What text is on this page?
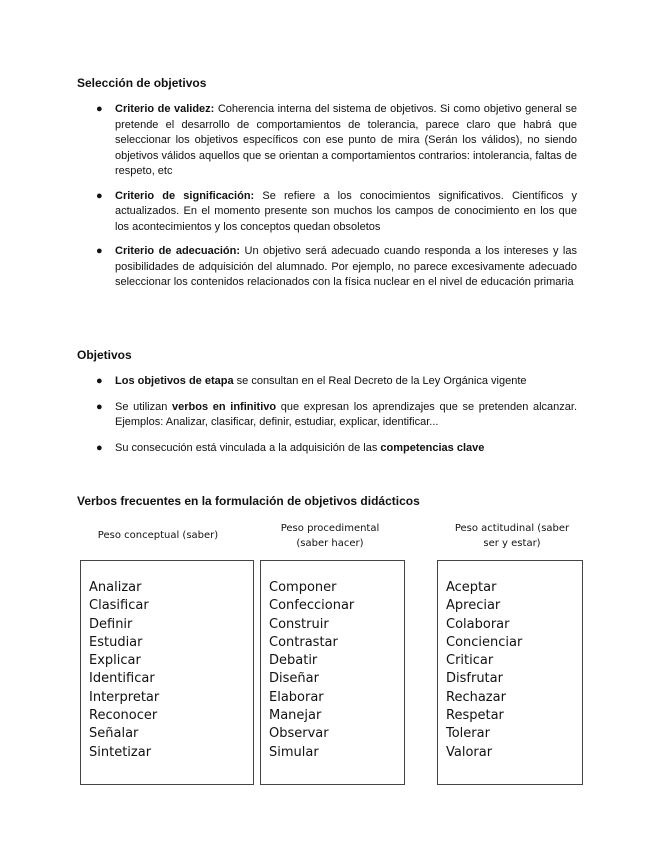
Selección de objetivos
● Criterio de validez: Coherencia interna del sistema de objetivos. Si como objetivo general se pretende el desarrollo de comportamientos de tolerancia, parece claro que habrá que seleccionar los objetivos específicos con ese punto de mira (Serán los válidos), no siendo objetivos válidos aquellos que se orientan a comportamientos contrarios: intolerancia, faltas de respeto, etc
● Criterio de significación: Se refiere a los conocimientos significativos. Científicos y actualizados. En el momento presente son muchos los campos de conocimiento en los que los acontecimientos y los conceptos quedan obsoletos
● Criterio de adecuación: Un objetivo será adecuado cuando responda a los intereses y las posibilidades de adquisición del alumnado. Por ejemplo, no parece excesivamente adecuado seleccionar los contenidos relacionados con la física nuclear en el nivel de educación primaria
Objetivos
● Los objetivos de etapa se consultan en el Real Decreto de la Ley Orgánica vigente
● Se utilizan verbos en infinitivo que expresan los aprendizajes que se pretenden alcanzar. Ejemplos: Analizar, clasificar, definir, estudiar, explicar, identificar...
● Su consecución está vinculada a la adquisición de las competencias clave
Verbos frecuentes en la formulación de objetivos didácticos
Peso conceptual (saber)
Peso procedimental
(saber hacer)
Peso actitudinal (saber
ser y estar)
Analizar
Clasificar
Definir
Estudiar
Explicar
Identificar
Interpretar
Reconocer
Señalar
Sintetizar
Componer
Confeccionar
Construir
Contrastar
Debatir
Diseñar
Elaborar
Manejar
Observar
Simular
Aceptar
Apreciar
Colaborar
Concienciar
Criticar
Disfrutar
Rechazar
Respetar
Tolerar
Valorar
